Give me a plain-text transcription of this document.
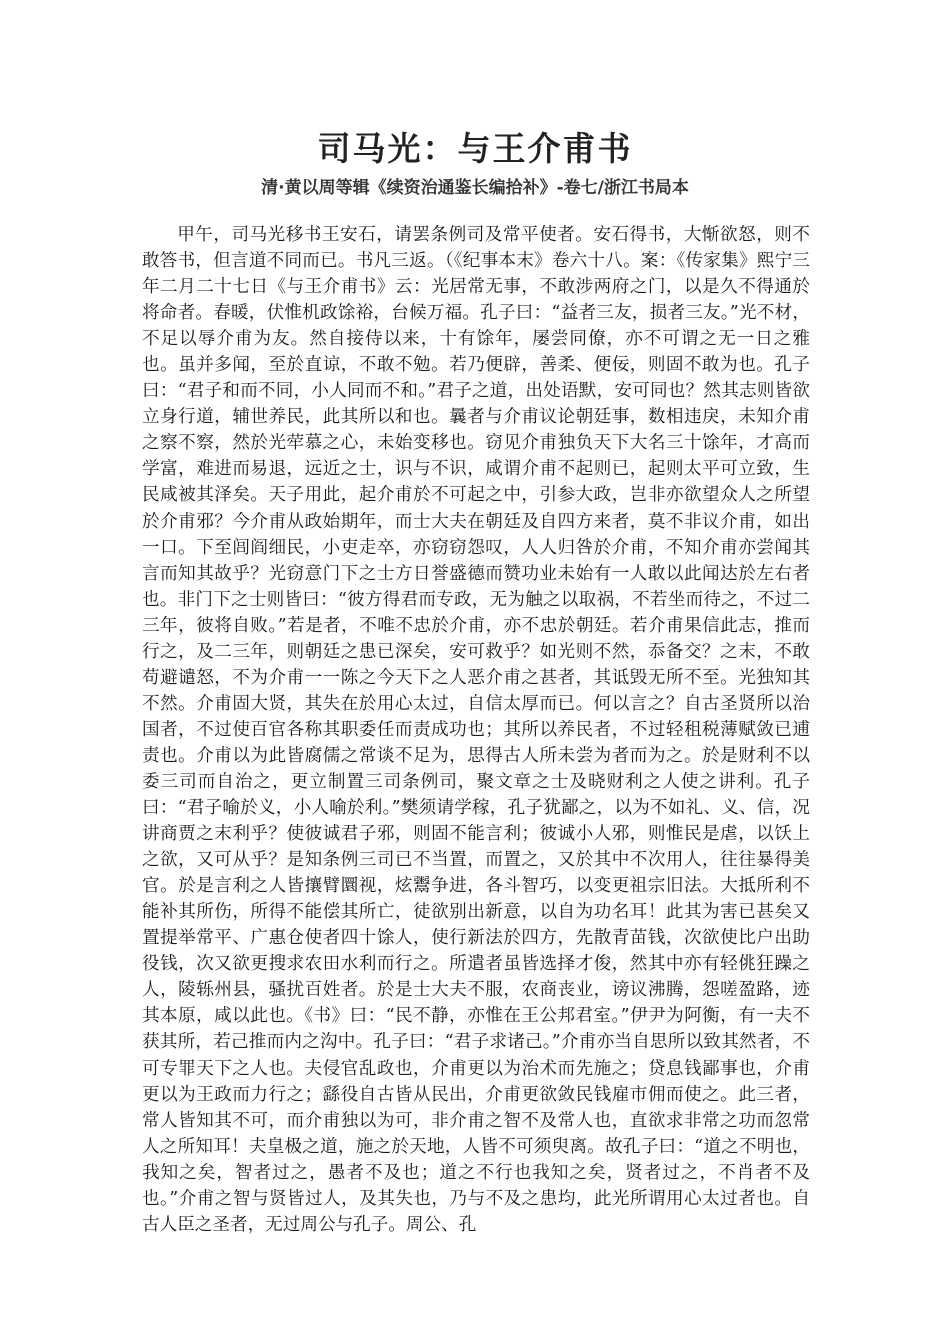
司马光：与王介甫书
清·黄以周等辑《续资治通鉴长编拾补》-卷七/浙江书局本

甲午，司马光移书王安石，请罢条例司及常平使者。安石得书，大惭欲怒，则不敢答书，但言道不同而已。书凡三返。（《纪事本末》卷六十八。案：《传家集》熙宁三年二月二十七日《与王介甫书》云：光居常无事，不敢涉两府之门，以是久不得通於将命者。春暖，伏惟机政馀裕，台候万福。孔子曰：“益者三友，损者三友。”光不材，不足以辱介甫为友。然自接侍以来，十有馀年，屡尝同僚，亦不可谓之无一日之雅也。虽并多闻，至於直谅，不敢不勉。若乃便辟，善柔、便佞，则固不敢为也。孔子曰：“君子和而不同，小人同而不和。”君子之道，出处语默，安可同也？然其志则皆欲立身行道，辅世养民，此其所以和也。曩者与介甫议论朝廷事，数相违戾，未知介甫之察不察，然於光荦慕之心，未始变移也。窃见介甫独负天下大名三十馀年，才高而学富，难进而易退，远近之士，识与不识，咸谓介甫不起则已，起则太平可立致，生民咸被其泽矣。天子用此，起介甫於不可起之中，引参大政，岂非亦欲望众人之所望於介甫邪？今介甫从政始期年，而士大夫在朝廷及自四方来者，莫不非议介甫，如出一口。下至闾阎细民，小吏走卒，亦窃窃怨叹，人人归咎於介甫，不知介甫亦尝闻其言而知其故乎？光窃意门下之士方日誉盛德而赞功业未始有一人敢以此闻达於左右者也。非门下之士则皆曰：“彼方得君而专政，无为触之以取祸，不若坐而待之，不过二三年，彼将自败。”若是者，不唯不忠於介甫，亦不忠於朝廷。若介甫果信此志，推而行之，及二三年，则朝廷之患已深矣，安可救乎？如光则不然，忝备交？之末，不敢苟避谴怒，不为介甫一一陈之今天下之人恶介甫之甚者，其诋毁无所不至。光独知其不然。介甫固大贤，其失在於用心太过，自信太厚而已。何以言之？自古圣贤所以治国者，不过使百官各称其职委任而责成功也；其所以养民者，不过轻租税薄赋敛已逋责也。介甫以为此皆腐儒之常谈不足为，思得古人所未尝为者而为之。於是财利不以委三司而自治之，更立制置三司条例司，聚文章之士及晓财利之人使之讲利。孔子曰：“君子喻於义，小人喻於利。”樊须请学稼，孔子犹鄙之，以为不如礼、义、信，况讲商贾之末利乎？使彼诚君子邪，则固不能言利；彼诚小人邪，则惟民是虐，以饫上之欲，又可从乎？是知条例三司已不当置，而置之，又於其中不次用人，往往暴得美官。於是言利之人皆攘臂圜视，炫鬻争进，各斗智巧，以变更祖宗旧法。大抵所利不能补其所伤，所得不能偿其所亡，徒欲别出新意，以自为功名耳！此其为害已甚矣又置提举常平、广惠仓使者四十馀人，使行新法於四方，先散青苗钱，次欲使比户出助役钱，次又欲更搜求农田水利而行之。所遣者虽皆选择才俊，然其中亦有轻佻狂躁之人，陵轹州县，骚扰百姓者。於是士大夫不服，农商丧业，谤议沸腾，怨嗟盈路，迹其本原，咸以此也。《书》曰：“民不静，亦惟在王公邦君室。”伊尹为阿衡，有一夫不获其所，若己推而内之沟中。孔子曰：“君子求诸己。”介甫亦当自思所以致其然者，不可专罪天下之人也。夫侵官乱政也，介甫更以为治术而先施之；贷息钱鄙事也，介甫更以为王政而力行之；繇役自古皆从民出，介甫更欲敛民钱雇市佣而使之。此三者，常人皆知其不可，而介甫独以为可，非介甫之智不及常人也，直欲求非常之功而忽常人之所知耳！夫皇极之道，施之於天地，人皆不可须臾离。故孔子曰：“道之不明也，我知之矣，智者过之，愚者不及也；道之不行也我知之矣，贤者过之，不肖者不及也。”介甫之智与贤皆过人，及其失也，乃与不及之患均，此光所谓用心太过者也。自古人臣之圣者，无过周公与孔子。周公、孔
